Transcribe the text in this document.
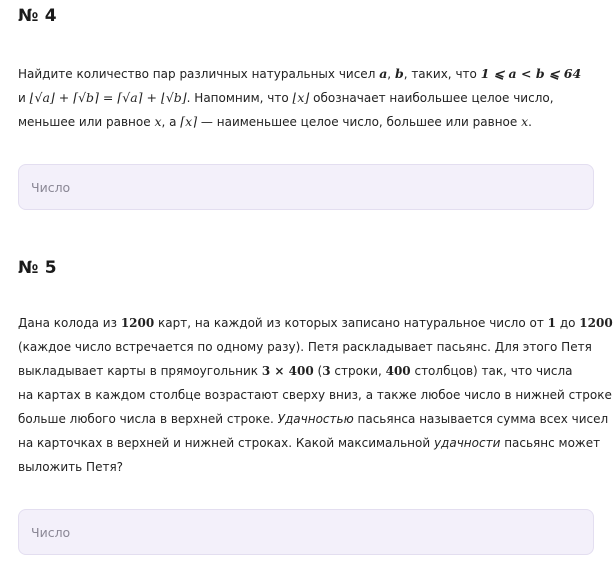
№ 4
Найдите количество пар различных натуральных чисел a, b, таких, что 1 ⩽ a < b ⩽ 64
и ⌊√a⌋ + ⌈√b⌉ = ⌈√a⌉ + ⌊√b⌋. Напомним, что ⌊x⌋ обозначает наибольшее целое число,
меньшее или равное x, а ⌈x⌉ — наименьшее целое число, большее или равное x.
Число
№ 5
Дана колода из 1200 карт, на каждой из которых записано натуральное число от 1 до 1200
(каждое число встречается по одному разу). Петя раскладывает пасьянс. Для этого Петя
выкладывает карты в прямоугольник 3 × 400 (3 строки, 400 столбцов) так, что числа
на картах в каждом столбце возрастают сверху вниз, а также любое число в нижней строке
больше любого числа в верхней строке. Удачностью пасьянса называется сумма всех чисел
на карточках в верхней и нижней строках. Какой максимальной удачности пасьянс может
выложить Петя?
Число
